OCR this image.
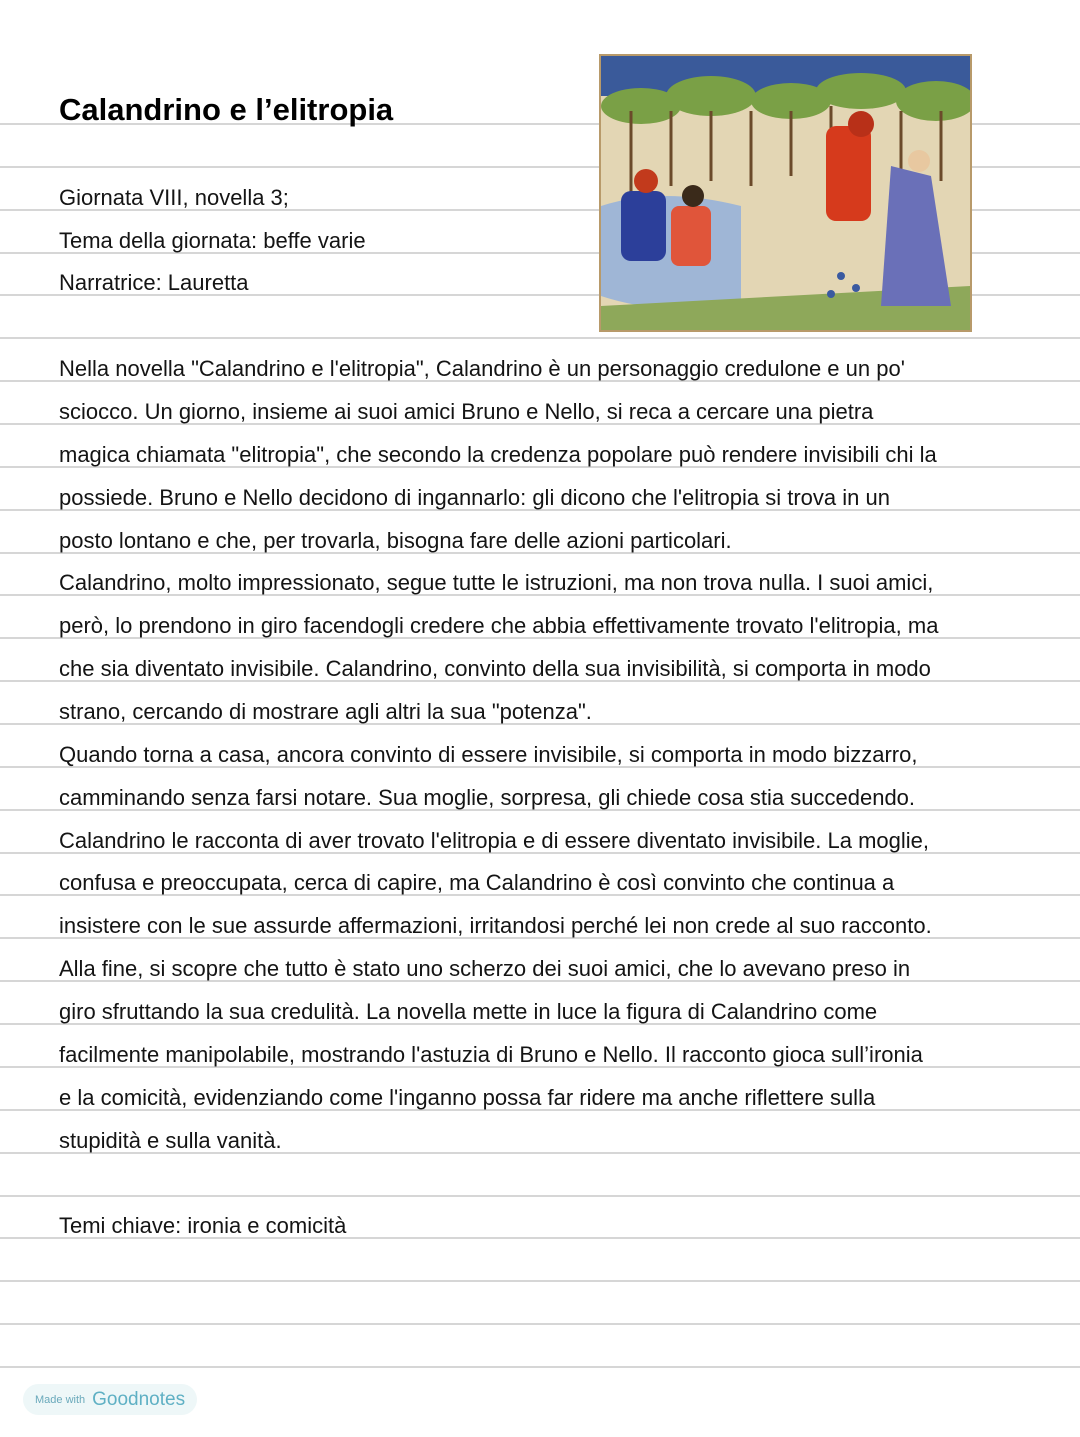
Calandrino e l’elitropia
Giornata VIII, novella 3;
Tema della giornata: beffe varie
Narratrice: Lauretta
Nella novella "Calandrino e l'elitropia", Calandrino è un personaggio credulone e un po'
sciocco. Un giorno, insieme ai suoi amici Bruno e Nello, si reca a cercare una pietra
magica chiamata "elitropia", che secondo la credenza popolare può rendere invisibili chi la
possiede. Bruno e Nello decidono di ingannarlo: gli dicono che l'elitropia si trova in un
posto lontano e che, per trovarla, bisogna fare delle azioni particolari.
Calandrino, molto impressionato, segue tutte le istruzioni, ma non trova nulla. I suoi amici,
però, lo prendono in giro facendogli credere che abbia effettivamente trovato l'elitropia, ma
che sia diventato invisibile. Calandrino, convinto della sua invisibilità, si comporta in modo
strano, cercando di mostrare agli altri la sua "potenza".
Quando torna a casa, ancora convinto di essere invisibile, si comporta in modo bizzarro,
camminando senza farsi notare. Sua moglie, sorpresa, gli chiede cosa stia succedendo.
Calandrino le racconta di aver trovato l'elitropia e di essere diventato invisibile. La moglie,
confusa e preoccupata, cerca di capire, ma Calandrino è così convinto che continua a
insistere con le sue assurde affermazioni, irritandosi perché lei non crede al suo racconto.
Alla fine, si scopre che tutto è stato uno scherzo dei suoi amici, che lo avevano preso in
giro sfruttando la sua credulità. La novella mette in luce la figura di Calandrino come
facilmente manipolabile, mostrando l'astuzia di Bruno e Nello. Il racconto gioca sull’ironia
e la comicità, evidenziando come l'inganno possa far ridere ma anche riflettere sulla
stupidità e sulla vanità.
Temi chiave: ironia e comicità
Made with Goodnotes
